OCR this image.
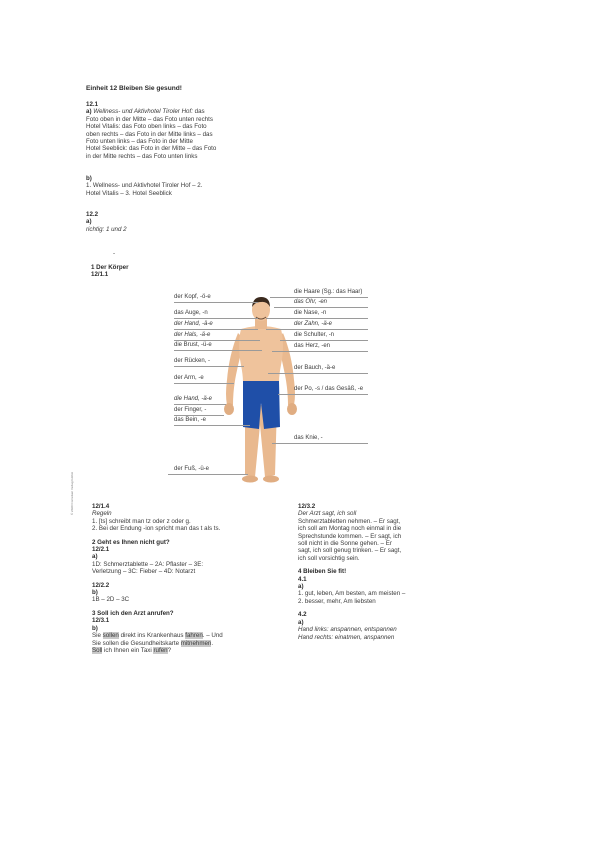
Einheit 12 Bleiben Sie gesund!
12.1
a) Wellness- und Aktivhotel Tiroler Hof: das
Foto oben in der Mitte – das Foto unten rechts
Hotel Vitalis: das Foto oben links – das Foto
oben rechts – das Foto in der Mitte links – das
Foto unten links – das Foto in der Mitte
Hotel Seeblick: das Foto in der Mitte – das Foto
in der Mitte rechts – das Foto unten links
b)
1. Wellness- und Aktivhotel Tiroler Hof – 2.
Hotel Vitalis – 3. Hotel Seeblick
12.2
a)
richtig: 1 und 2
-
1 Der Körper
12/1.1
der Kopf, -ö-e
das Auge, -n
der Hand, -ä-e
der Hals, -ä-e
die Brust, -ü-e
der Rücken, -
der Arm, -e
die Hand, -ä-e
der Finger, -
das Bein, -e
der Fuß, -ü-e
die Haare (Sg.: das Haar)
das Ohr, -en
die Nase, -n
der Zahn, -ä-e
die Schulter, -n
das Herz, -en
der Bauch, -ä-e
der Po, -s / das Gesäß, -e
das Knie, -
© 2020 Cornelsen Verlag GmbH	12/1.4
Regeln
1. [ts] schreibt man tz oder z oder g.
2. Bei der Endung -ion spricht man das t als ts.
2 Geht es Ihnen nicht gut?
12/2.1
a)
1D: Schmerztablette – 2A: Pflaster – 3E:
Verletzung – 3C: Fieber – 4D: Notarzt
12/2.2
b)
1B – 2D – 3C
3 Soll ich den Arzt anrufen?
12/3.1
b)
Sie sollen direkt ins Krankenhaus fahren. – Und
Sie sollen die Gesundheitskarte mitnehmen.
Soll ich Ihnen ein Taxi rufen?
12/3.2
Der Arzt sagt, ich soll
Schmerztabletten nehmen. – Er sagt,
ich soll am Montag noch einmal in die
Sprechstunde kommen. – Er sagt, ich
soll nicht in die Sonne gehen. – Er
sagt, ich soll genug trinken. – Er sagt,
ich soll vorsichtig sein.
4 Bleiben Sie fit!
4.1
a)
1. gut, leben, Am besten, am meisten –
2. besser, mehr, Am liebsten
4.2
a)
Hand links: anspannen, entspannen
Hand rechts: einatmen, anspannen
